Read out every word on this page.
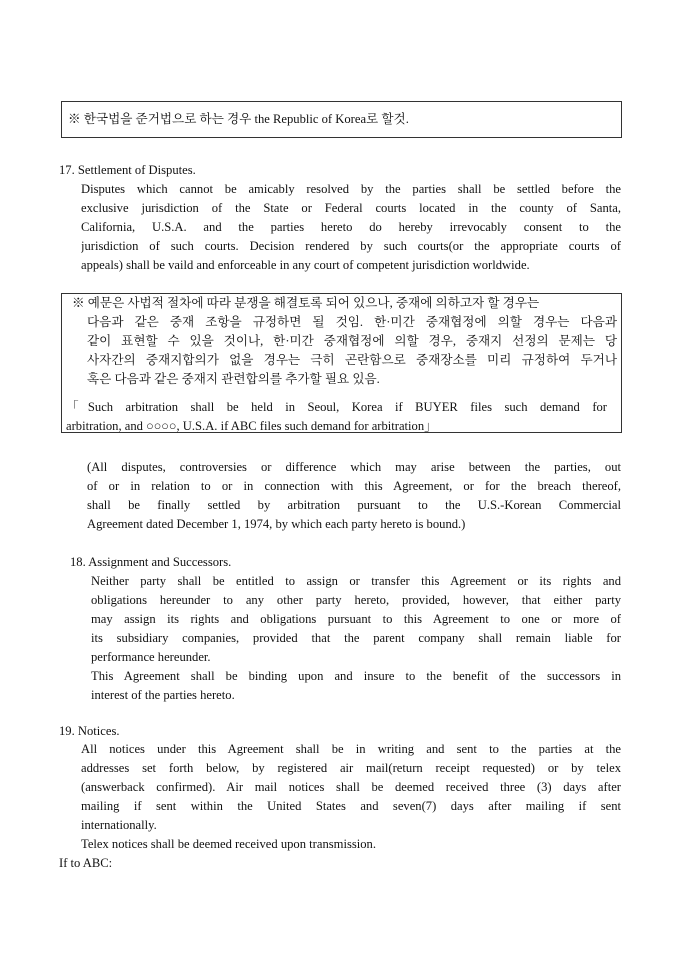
※ 한국법을 준거법으로 하는 경우 the Republic of Korea로 할것.
17. Settlement of Disputes.
Disputes which cannot be amicably resolved by the parties shall be settled before the
exclusive jurisdiction of the State or Federal courts located in the county of Santa,
California, U.S.A. and the parties hereto do hereby irrevocably consent to the
jurisdiction of such courts. Decision rendered by such courts(or the appropriate courts of
appeals) shall be vaild and enforceable in any court of competent jurisdiction worldwide.
※ 예문은 사법적 절차에 따라 분쟁을 해결토록 되어 있으나, 중재에 의하고자 할 경우는
다음과 같은 중재 조항을 규정하면 될 것임. 한·미간 중재협정에 의할 경우는 다음과
같이 표현할 수 있을 것이나, 한·미간 중재협정에 의할 경우, 중재지 선정의 문제는 당
사자간의 중재지합의가 없을 경우는 극히 곤란함으로 중재장소를 미리 규정하여 두거나
혹은 다음과 같은 중재지 관련합의를 추가할 필요 있음.
「Such arbitration shall be held in Seoul, Korea if BUYER files such demand for
arbitration, and ○○○○, U.S.A. if ABC files such demand for arbitration」
(All disputes, controversies or difference which may arise between the parties, out
of or in relation to or in connection with this Agreement, or for the breach thereof,
shall be finally settled by arbitration pursuant to the U.S.-Korean Commercial
Agreement dated December 1, 1974, by which each party hereto is bound.)
18. Assignment and Successors.
Neither party shall be entitled to assign or transfer this Agreement or its rights and
obligations hereunder to any other party hereto, provided, however, that either party
may assign its rights and obligations pursuant to this Agreement to one or more of
its subsidiary companies, provided that the parent company shall remain liable for
performance hereunder.
This Agreement shall be binding upon and insure to the benefit of the successors in
interest of the parties hereto.
19. Notices.
All notices under this Agreement shall be in writing and sent to the parties at the
addresses set forth below, by registered air mail(return receipt requested) or by telex
(answerback confirmed). Air mail notices shall be deemed received three (3) days after
mailing if sent within the United States and seven(7) days after mailing if sent
internationally.
Telex notices shall be deemed received upon transmission.
If to ABC:
